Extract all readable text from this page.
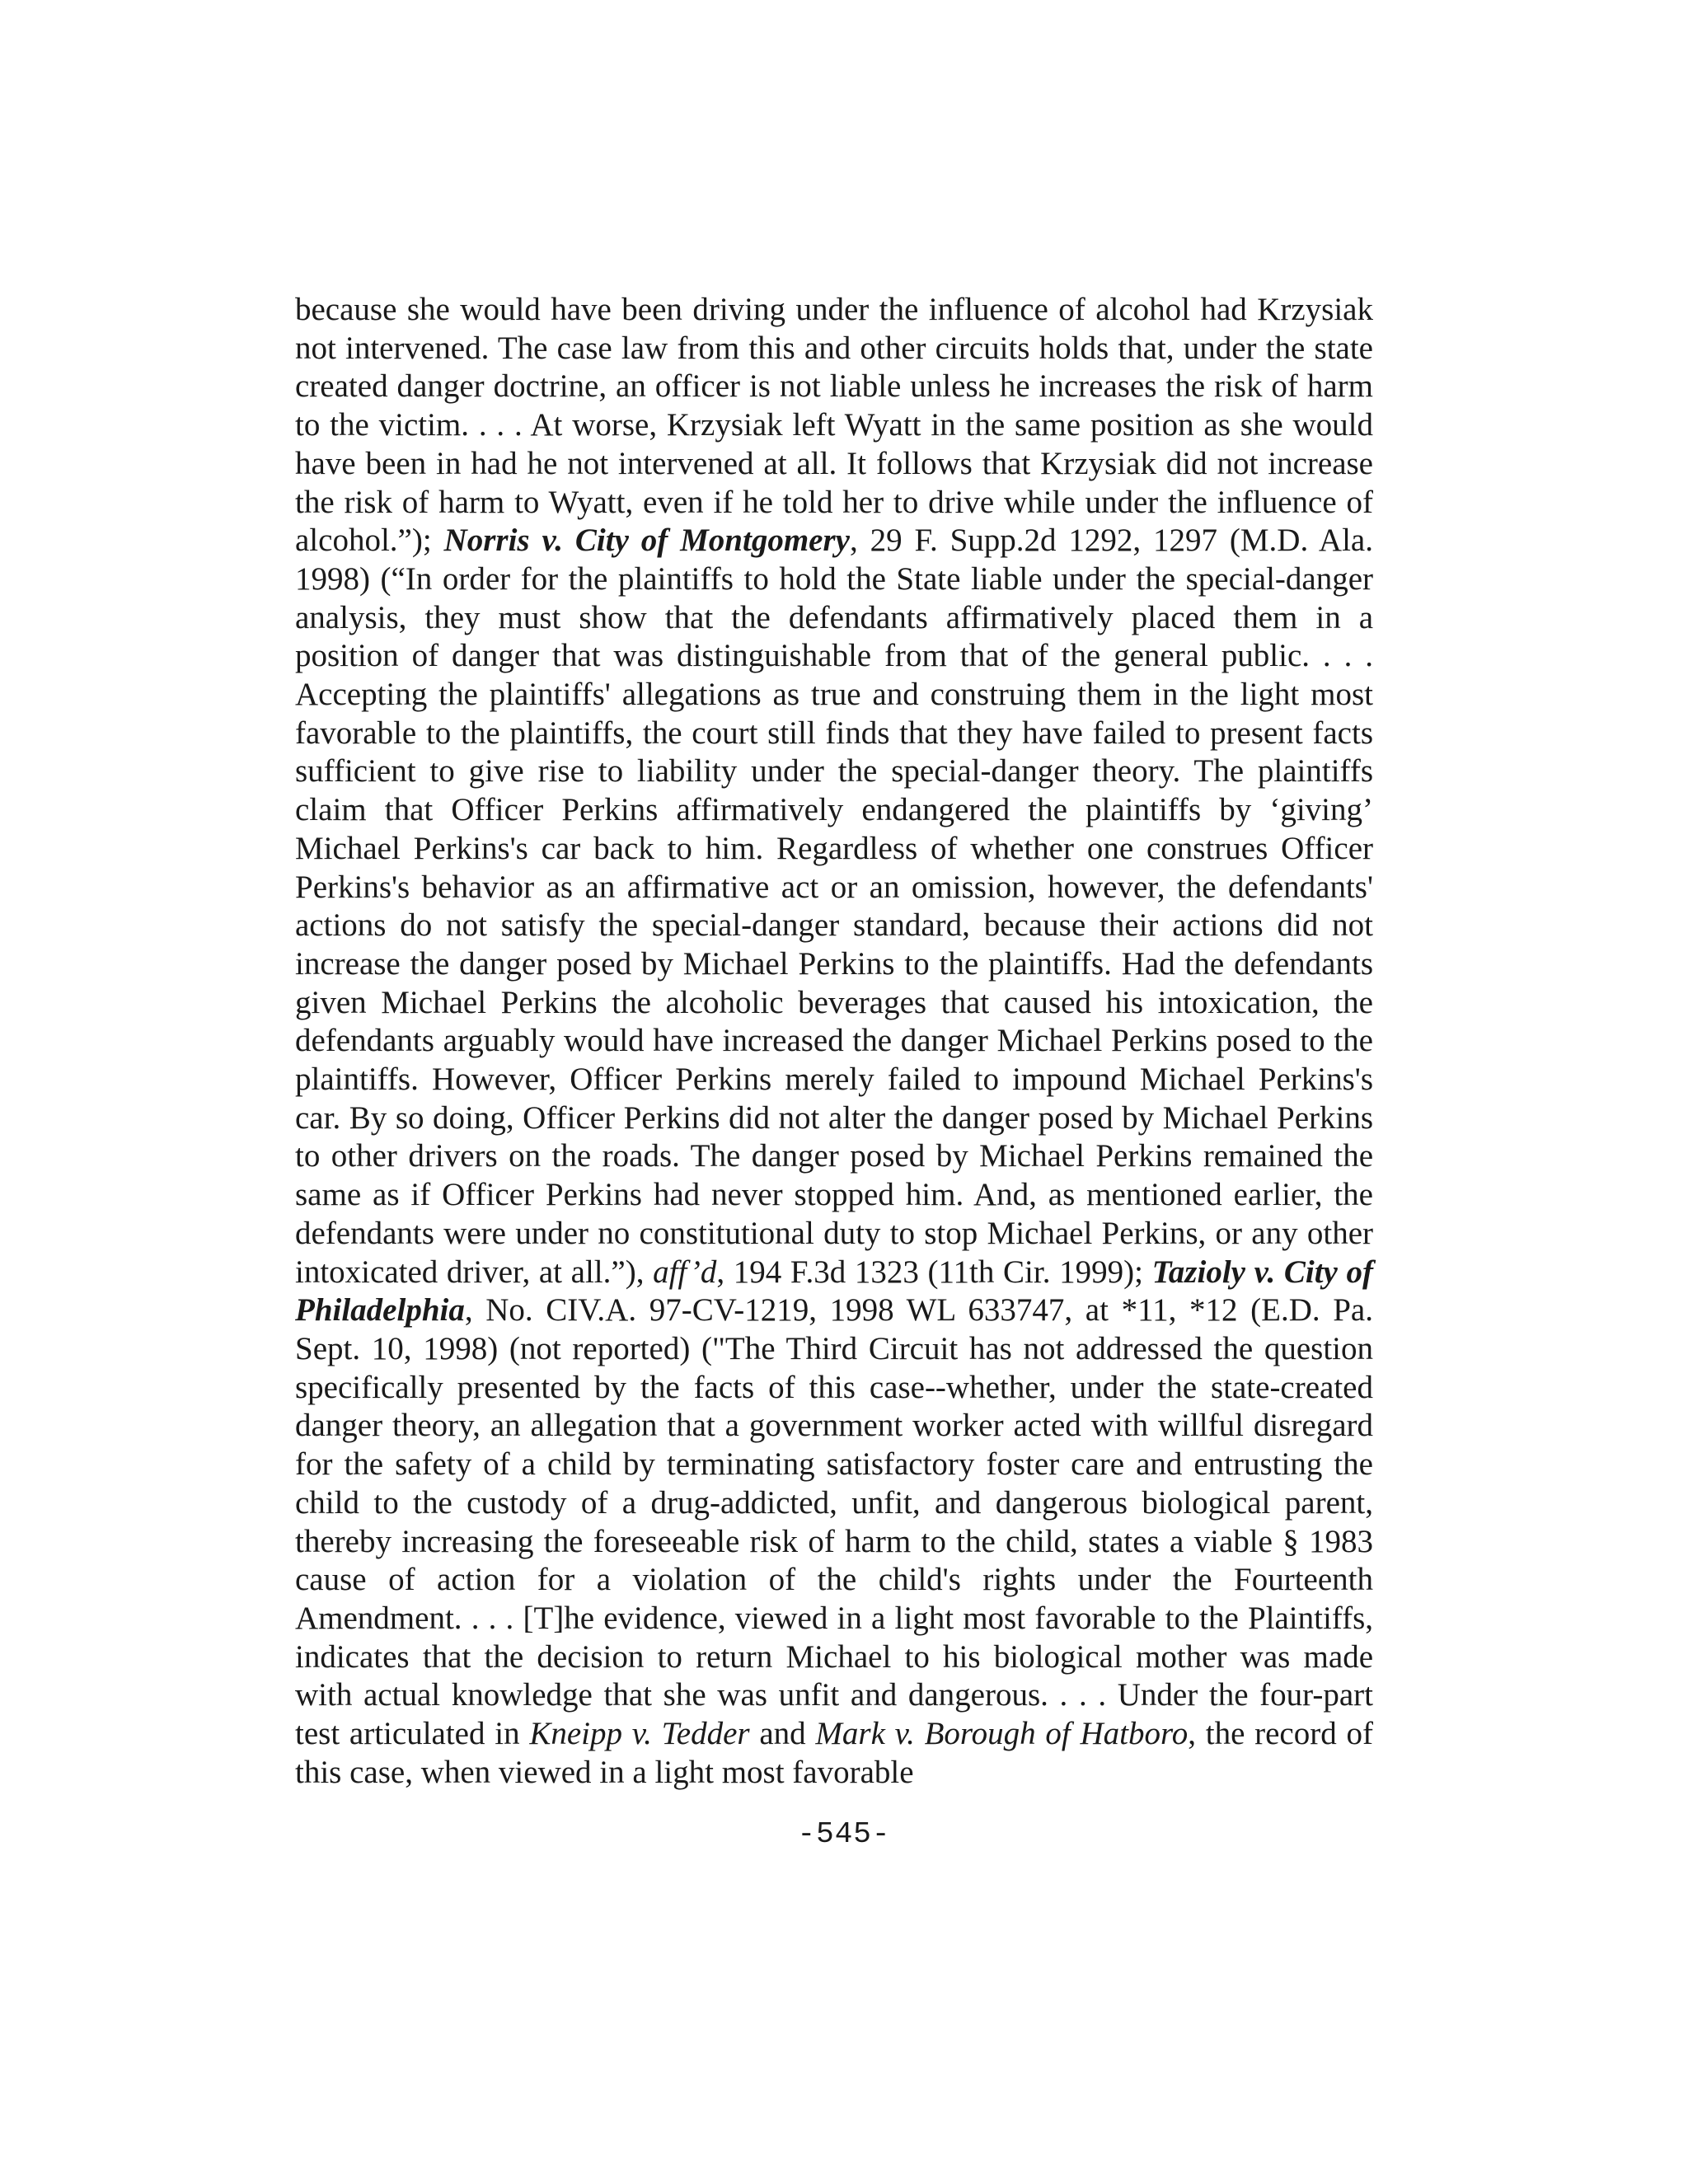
because she would have been driving under the influence of alcohol had Krzysiak not intervened. The case law from this and other circuits holds that, under the state created danger doctrine, an officer is not liable unless he increases the risk of harm to the victim. . . . At worse, Krzysiak left Wyatt in the same position as she would have been in had he not intervened at all. It follows that Krzysiak did not increase the risk of harm to Wyatt, even if he told her to drive while under the influence of alcohol.”); Norris v. City of Montgomery, 29 F. Supp.2d 1292, 1297 (M.D. Ala. 1998) (“In order for the plaintiffs to hold the State liable under the special-danger analysis, they must show that the defendants affirmatively placed them in a position of danger that was distinguishable from that of the general public. . . . Accepting the plaintiffs' allegations as true and construing them in the light most favorable to the plaintiffs, the court still finds that they have failed to present facts sufficient to give rise to liability under the special-danger theory. The plaintiffs claim that Officer Perkins affirmatively endangered the plaintiffs by ‘giving’ Michael Perkins's car back to him. Regardless of whether one construes Officer Perkins's behavior as an affirmative act or an omission, however, the defendants' actions do not satisfy the special-danger standard, because their actions did not increase the danger posed by Michael Perkins to the plaintiffs. Had the defendants given Michael Perkins the alcoholic beverages that caused his intoxication, the defendants arguably would have increased the danger Michael Perkins posed to the plaintiffs. However, Officer Perkins merely failed to impound Michael Perkins's car. By so doing, Officer Perkins did not alter the danger posed by Michael Perkins to other drivers on the roads. The danger posed by Michael Perkins remained the same as if Officer Perkins had never stopped him. And, as mentioned earlier, the defendants were under no constitutional duty to stop Michael Perkins, or any other intoxicated driver, at all.”), aff’d, 194 F.3d 1323 (11th Cir. 1999); Tazioly v. City of Philadelphia, No. CIV.A. 97-CV-1219, 1998 WL 633747, at *11, *12 (E.D. Pa. Sept. 10, 1998) (not reported) ("The Third Circuit has not addressed the question specifically presented by the facts of this case--whether, under the state-created danger theory, an allegation that a government worker acted with willful disregard for the safety of a child by terminating satisfactory foster care and entrusting the child to the custody of a drug-addicted, unfit, and dangerous biological parent, thereby increasing the foreseeable risk of harm to the child, states a viable § 1983 cause of action for a violation of the child's rights under the Fourteenth Amendment. . . . [T]he evidence, viewed in a light most favorable to the Plaintiffs, indicates that the decision to return Michael to his biological mother was made with actual knowledge that she was unfit and dangerous. . . . Under the four-part test articulated in Kneipp v. Tedder and Mark v. Borough of Hatboro, the record of this case, when viewed in a light most favorable

-545-
